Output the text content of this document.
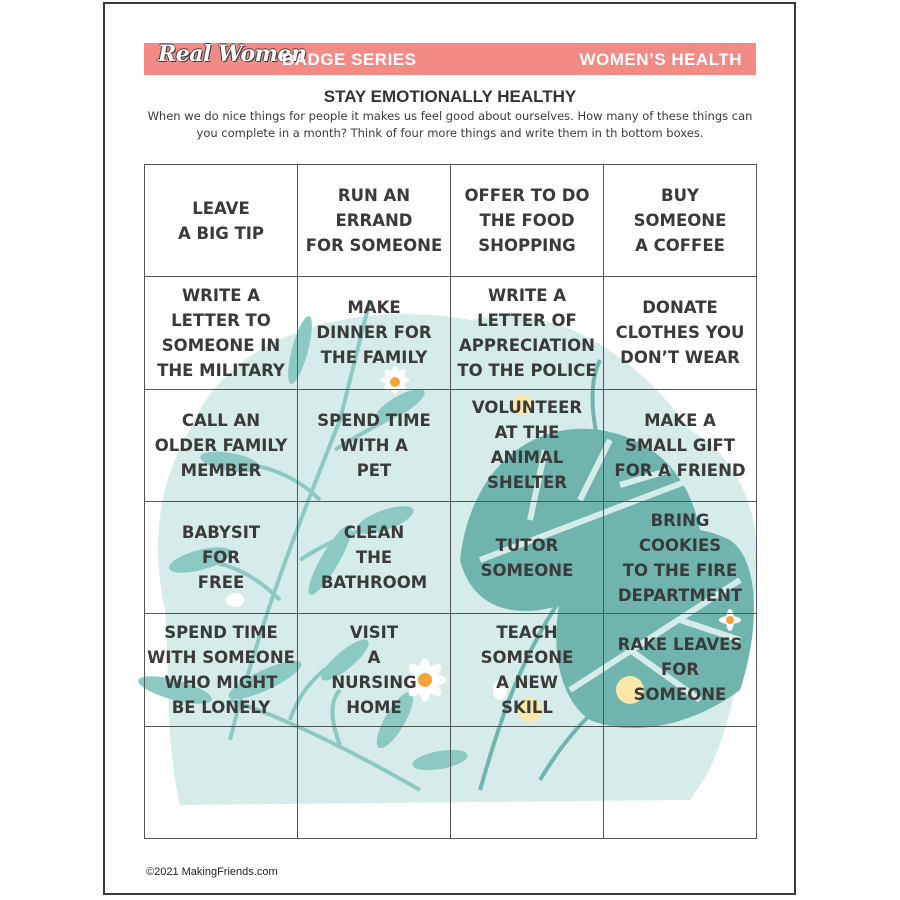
Real Women
BADGE SERIES	WOMEN’S HEALTH
STAY EMOTIONALLY HEALTHY
When we do nice things for people it makes us feel good about ourselves. How many of these things can you complete in a month? Think of four more things and write them in th bottom boxes.
LEAVE
A BIG TIP
RUN AN
ERRAND
FOR SOMEONE
OFFER TO DO
THE FOOD
SHOPPING
BUY
SOMEONE
A COFFEE
WRITE A
LETTER TO
SOMEONE IN
THE MILITARY
MAKE
DINNER FOR
THE FAMILY
WRITE A
LETTER OF
APPRECIATION
TO THE POLICE
DONATE
CLOTHES YOU
DON’T WEAR
CALL AN
OLDER FAMILY
MEMBER
SPEND TIME
WITH A
PET
VOLUNTEER
AT THE
ANIMAL
SHELTER
MAKE A
SMALL GIFT
FOR A FRIEND
BABYSIT
FOR
FREE
CLEAN
THE
BATHROOM
TUTOR
SOMEONE
BRING
COOKIES
TO THE FIRE
DEPARTMENT
SPEND TIME
WITH SOMEONE
WHO MIGHT
BE LONELY
VISIT
A
NURSING
HOME
TEACH
SOMEONE
A NEW
SKILL
RAKE LEAVES
FOR
SOMEONE
©2021 MakingFriends.com
